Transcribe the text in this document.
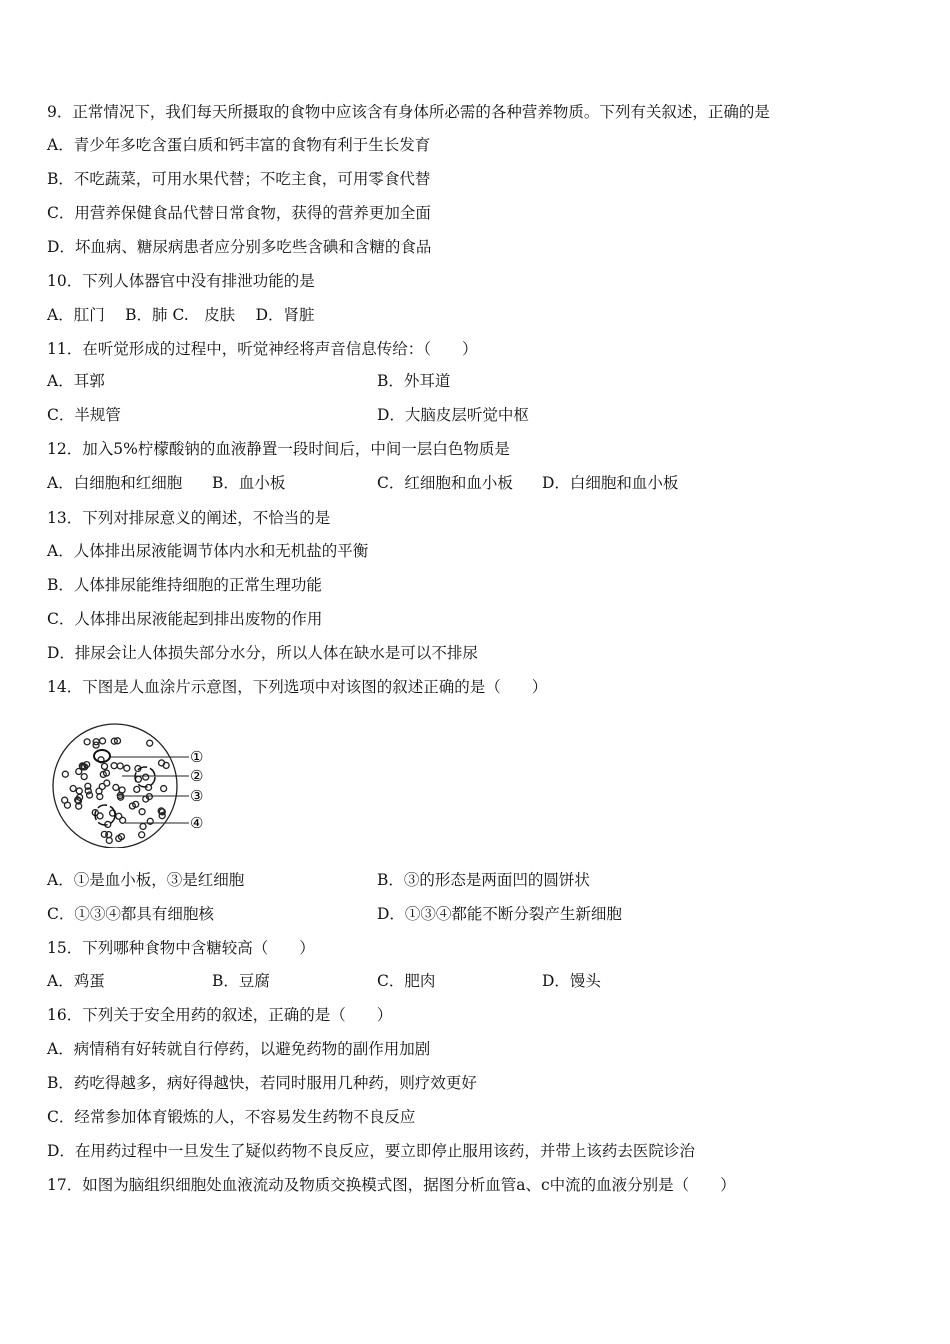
9．正常情况下，我们每天所摄取的食物中应该含有身体所必需的各种营养物质。下列有关叙述，正确的是
A．青少年多吃含蛋白质和钙丰富的食物有利于生长发育
B．不吃蔬菜，可用水果代替；不吃主食，可用零食代替
C．用营养保健食品代替日常食物，获得的营养更加全面
D．坏血病、糖尿病患者应分别多吃些含碘和含糖的食品
10．下列人体器官中没有排泄功能的是
A．肛门　 B．肺 C.　皮肤　 D．肾脏
11．在听觉形成的过程中，听觉神经将声音信息传给：（　　）
A．耳郭	B．外耳道
C．半规管	D．大脑皮层听觉中枢
12．加入5%柠檬酸钠的血液静置一段时间后，中间一层白色物质是
A．白细胞和红细胞 B．血小板	C．红细胞和血小板 D．白细胞和血小板
13．下列对排尿意义的阐述，不恰当的是
A．人体排出尿液能调节体内水和无机盐的平衡
B．人体排尿能维持细胞的正常生理功能
C．人体排出尿液能起到排出废物的作用
D．排尿会让人体损失部分水分，所以人体在缺水是可以不排尿
14．下图是人血涂片示意图，下列选项中对该图的叙述正确的是（　　）
①
②
③
④
A．①是血小板，③是红细胞	B．③的形态是两面凹的圆饼状
C．①③④都具有细胞核	D．①③④都能不断分裂产生新细胞
15．下列哪种食物中含糖较高（　　）
A．鸡蛋	B．豆腐	C．肥肉	D．馒头
16．下列关于安全用药的叙述，正确的是（　　）
A．病情稍有好转就自行停药，以避免药物的副作用加剧
B．药吃得越多，病好得越快，若同时服用几种药，则疗效更好
C．经常参加体育锻炼的人，不容易发生药物不良反应
D．在用药过程中一旦发生了疑似药物不良反应，要立即停止服用该药，并带上该药去医院诊治
17．如图为脑组织细胞处血液流动及物质交换模式图，据图分析血管a、c中流的血液分别是（　　）
